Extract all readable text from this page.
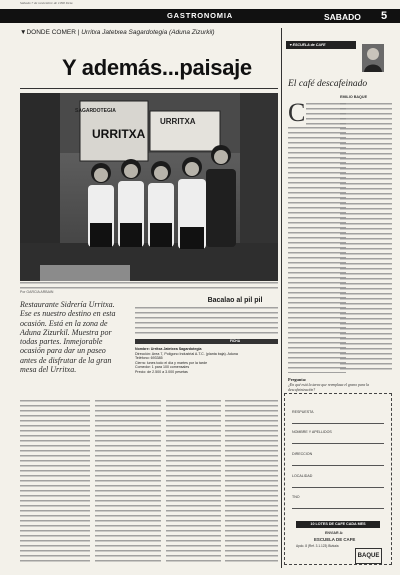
Sábado 7 de noviembre de 1998 Deia
GASTRONOMIA	SABADO 5
▼DONDE COMER | Urritxa Jatetxea Sagardotegia (Aduna Zizurkil)
Y además...paisaje
SAGARDOTEGIA
URRITXA
URRITXA
Por GARCIA ARBAIN
Restaurante Sidrería Urritxa. Ese es nuestro destino en esta ocasión. Está en la zona de Aduna Zizurkil. Muestra por todas partes. Inmejorable ocasión para dar un paseo antes de disfrutar de la gran mesa del Urritxa.
Bacalao al pil pil
FICHA
Nombre: Urritxa Jatetxea Sagardotegia
Dirección: Area 7, Polígono Industrial A.T.C. (planta baja). Aduna
Teléfono: 693385
Cierra: lunes todo el día y martes por la tarde
Comedor: 1 para 100 comensales
Precio: de 2.500 a 3.000 pesetas
▼ESCUELA de CAFE
El café descafeinado
EMILIO BAQUE
C
Pregunta:
¿En qué está la tarea que reemplaza el grano para la descafeinización?
RESPUESTA
NOMBRE Y APELLIDOS
DIRECCION
LOCALIDAD
TNO
10 LOTES DE CAFE CADA MES
ENVIAR A:
ESCUELA DE CAFE
Apdo. 8 (Ref. 3.1.123) Bizkaia
BAQUE
